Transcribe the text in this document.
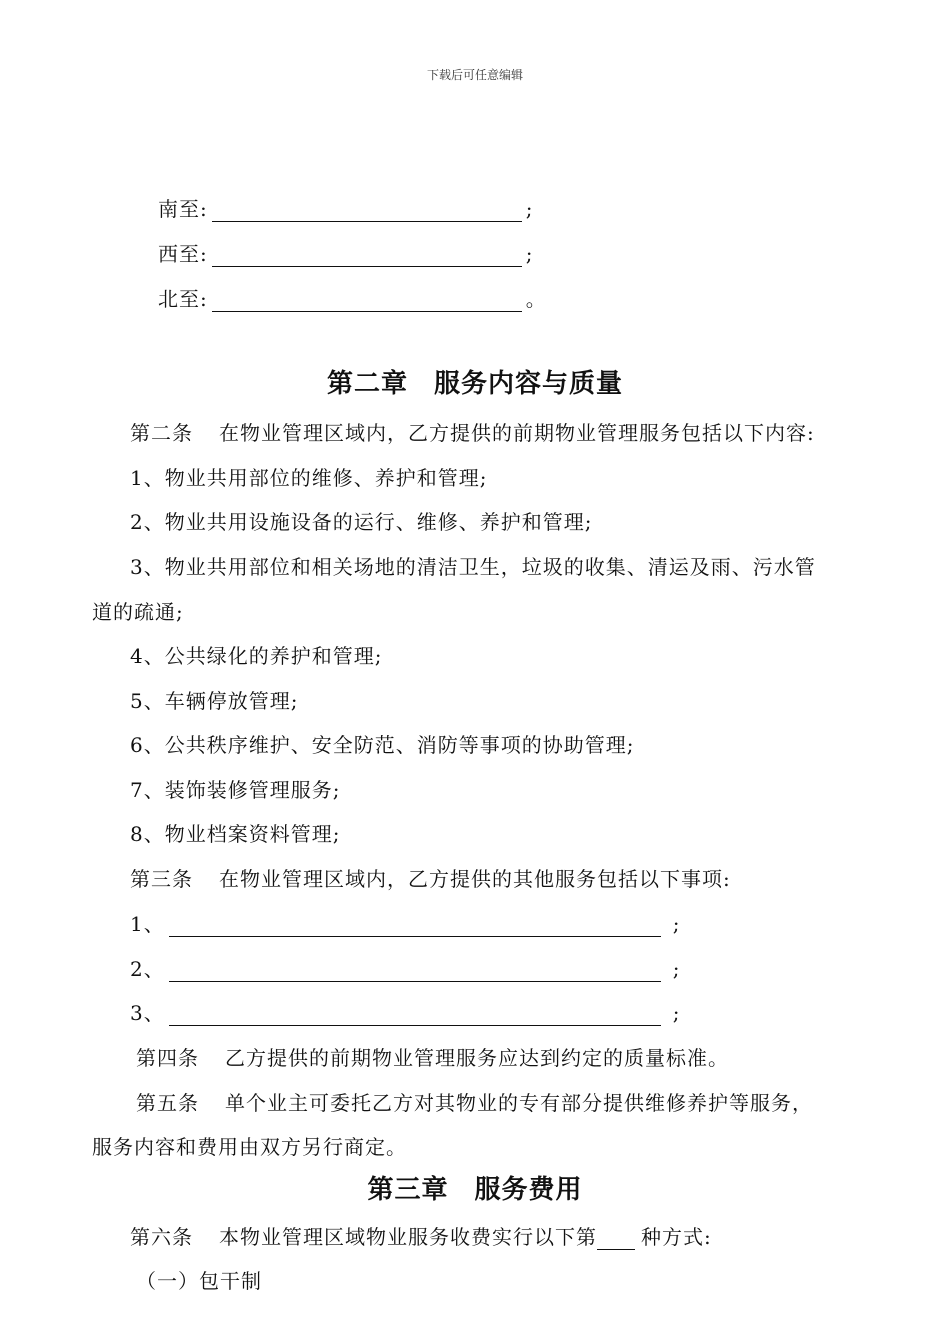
下载后可任意编辑
南至:	;
西至:	;
北至:	。
第二章 服务内容与质量
第二条 在物业管理区域内，乙方提供的前期物业管理服务包括以下内容:
1、物业共用部位的维修、养护和管理;
2、物业共用设施设备的运行、维修、养护和管理;
3、物业共用部位和相关场地的清洁卫生，垃圾的收集、清运及雨、污水管
道的疏通;
4、公共绿化的养护和管理;
5、车辆停放管理;
6、公共秩序维护、安全防范、消防等事项的协助管理;
7、装饰装修管理服务;
8、物业档案资料管理;
第三条 在物业管理区域内，乙方提供的其他服务包括以下事项:
1、	;
2、	;
3、	;
第四条 乙方提供的前期物业管理服务应达到约定的质量标准。
第五条 单个业主可委托乙方对其物业的专有部分提供维修养护等服务，
服务内容和费用由双方另行商定。
第三章 服务费用
第六条 本物业管理区域物业服务收费实行以下第 种方式:
（一）包干制
